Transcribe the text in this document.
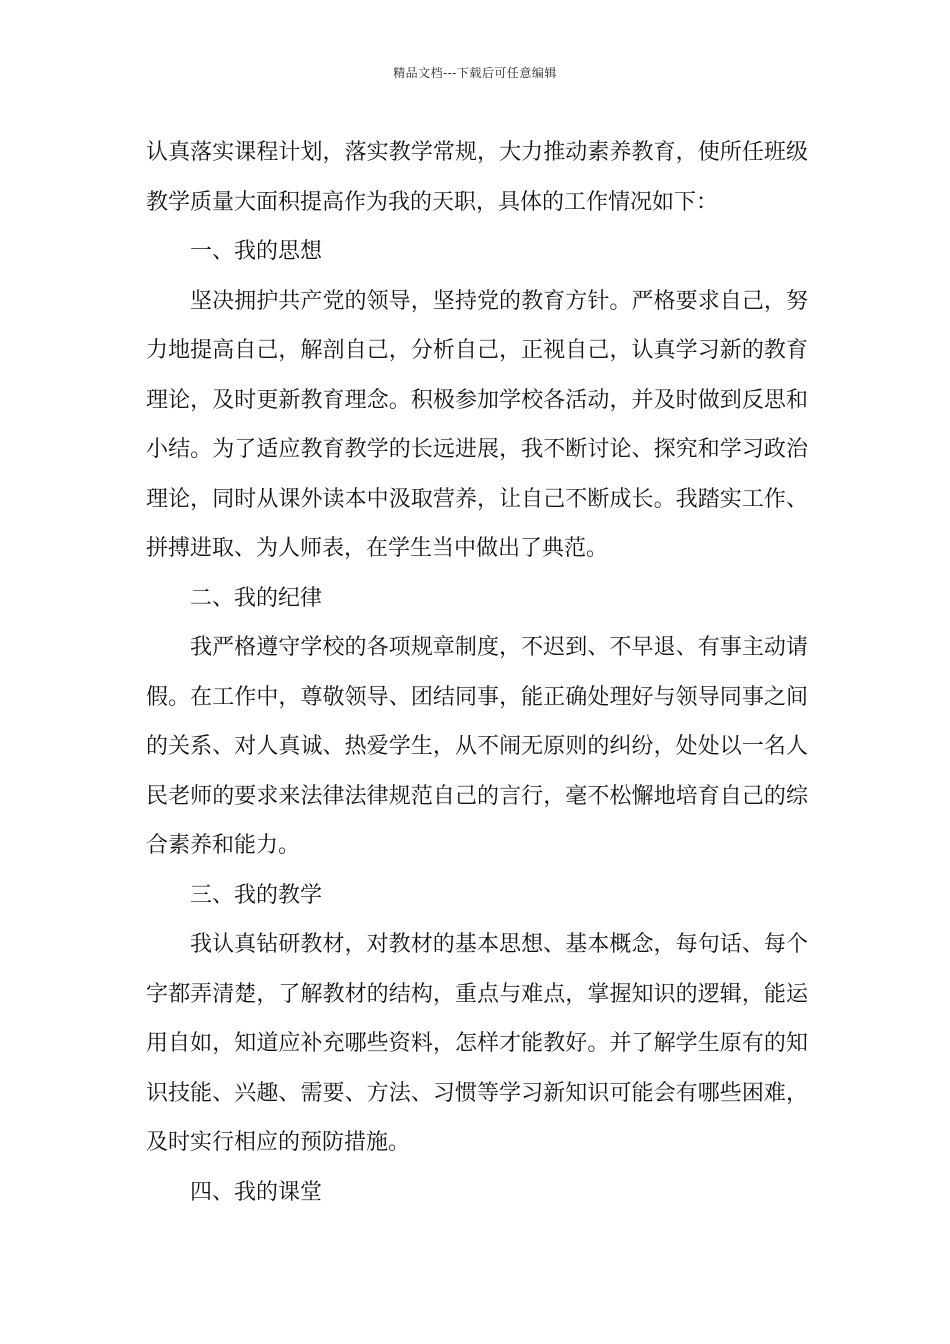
精品文档---下载后可任意编辑

认真落实课程计划，落实教学常规，大力推动素养教育，使所任班级教学质量大面积提高作为我的天职，具体的工作情况如下：

一、我的思想

坚决拥护共产党的领导，坚持党的教育方针。严格要求自己，努力地提高自己，解剖自己，分析自己，正视自己，认真学习新的教育理论，及时更新教育理念。积极参加学校各活动，并及时做到反思和小结。为了适应教育教学的长远进展，我不断讨论、探究和学习政治理论，同时从课外读本中汲取营养，让自己不断成长。我踏实工作、拼搏进取、为人师表，在学生当中做出了典范。

二、我的纪律

我严格遵守学校的各项规章制度，不迟到、不早退、有事主动请假。在工作中，尊敬领导、团结同事，能正确处理好与领导同事之间的关系、对人真诚、热爱学生，从不闹无原则的纠纷，处处以一名人民老师的要求来法律法律规范自己的言行，毫不松懈地培育自己的综合素养和能力。

三、我的教学

我认真钻研教材，对教材的基本思想、基本概念，每句话、每个字都弄清楚，了解教材的结构，重点与难点，掌握知识的逻辑，能运用自如，知道应补充哪些资料，怎样才能教好。并了解学生原有的知识技能、兴趣、需要、方法、习惯等学习新知识可能会有哪些困难，及时实行相应的预防措施。

四、我的课堂
